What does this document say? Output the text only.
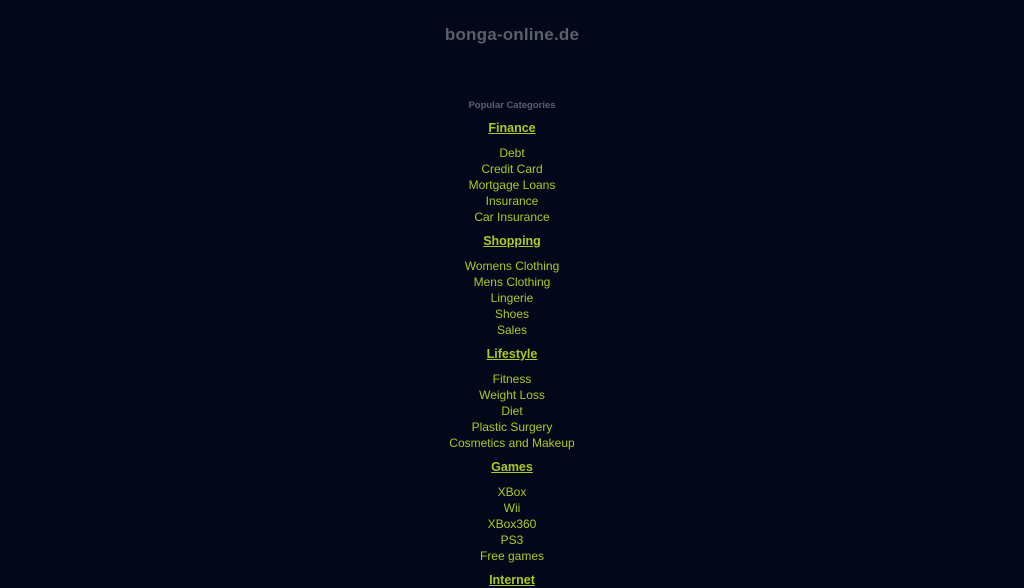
bonga-online.de
Popular Categories
Finance
Debt
Credit Card
Mortgage Loans
Insurance
Car Insurance
Shopping
Womens Clothing
Mens Clothing
Lingerie
Shoes
Sales
Lifestyle
Fitness
Weight Loss
Diet
Plastic Surgery
Cosmetics and Makeup
Games
XBox
Wii
XBox360
PS3
Free games
Internet
